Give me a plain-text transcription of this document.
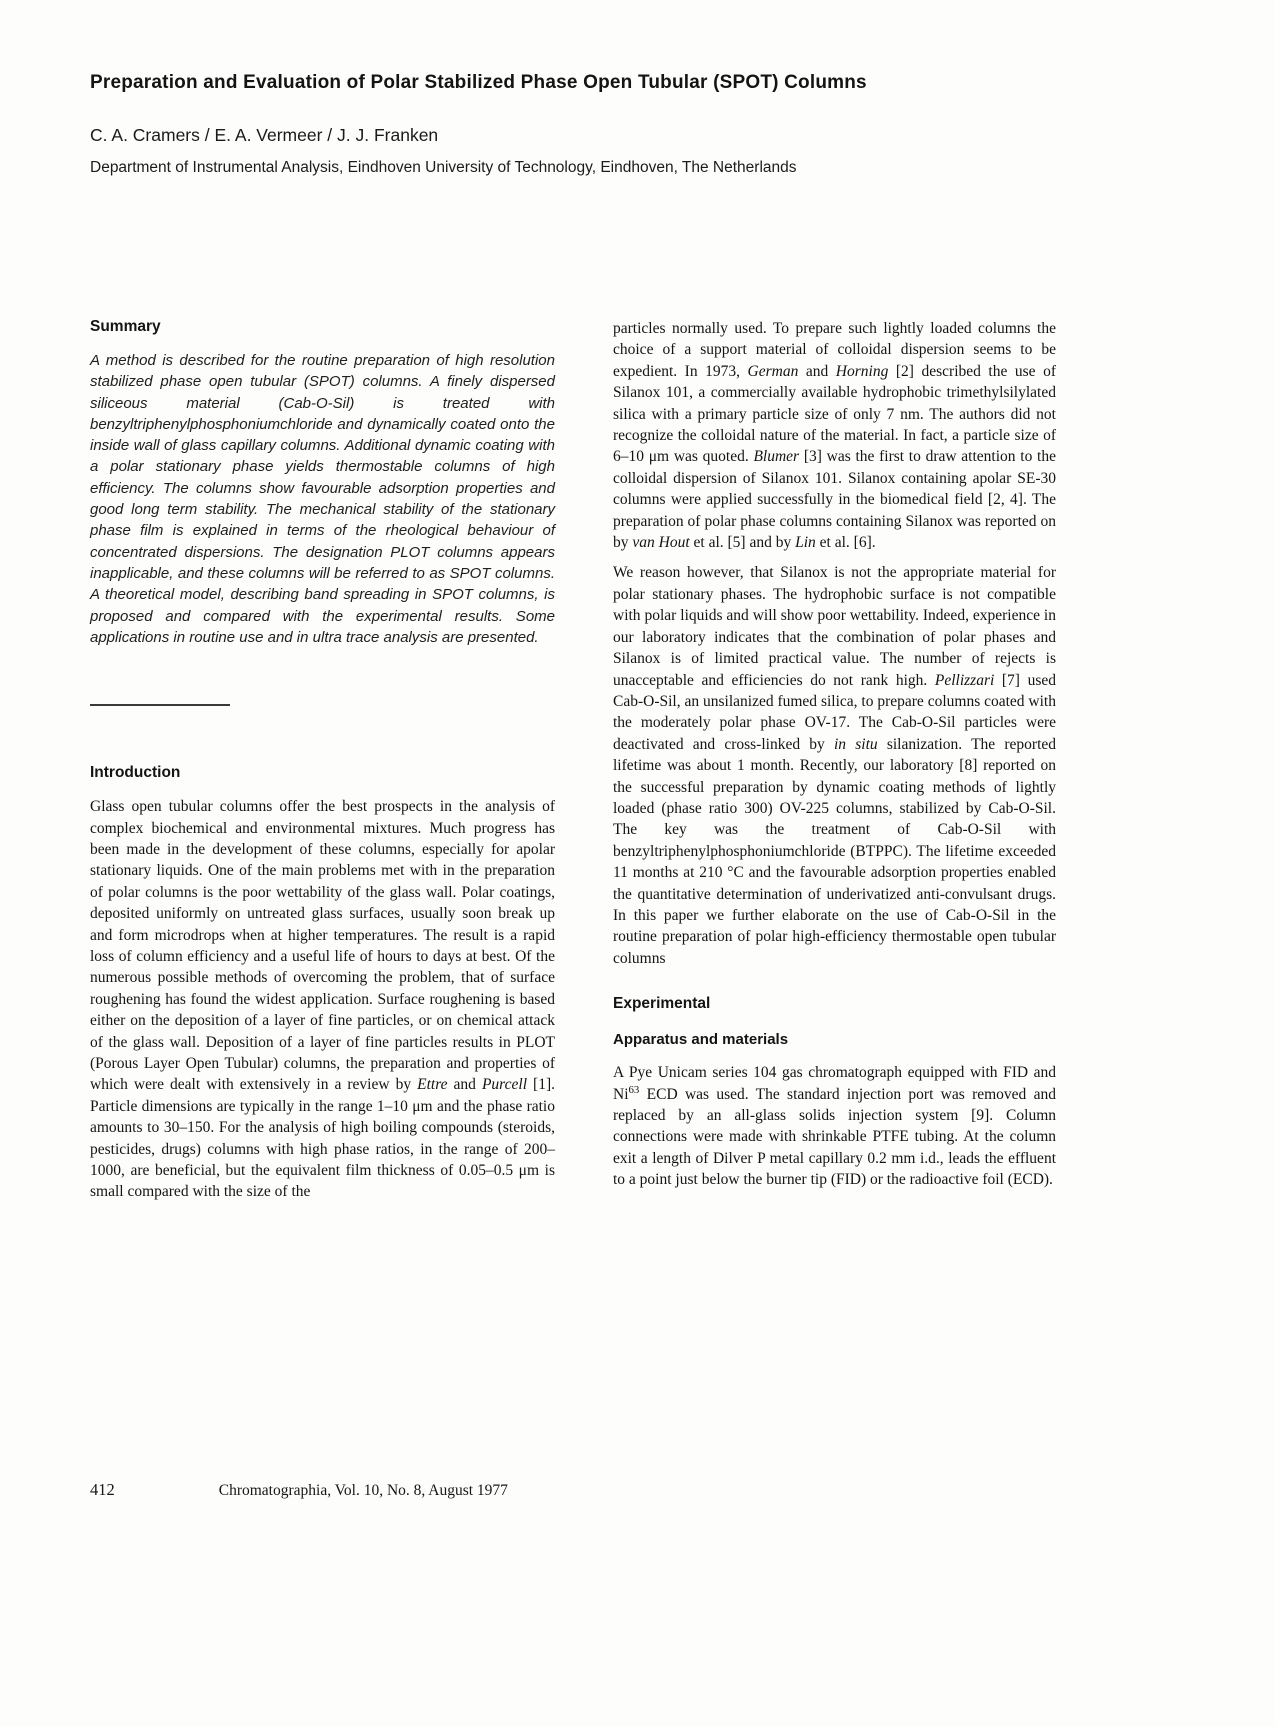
Preparation and Evaluation of Polar Stabilized Phase Open Tubular (SPOT) Columns
C. A. Cramers / E. A. Vermeer / J. J. Franken
Department of Instrumental Analysis, Eindhoven University of Technology, Eindhoven, The Netherlands
Summary

A method is described for the routine preparation of high resolution stabilized phase open tubular (SPOT) columns. A finely dispersed siliceous material (Cab-O-Sil) is treated with benzyltriphenylphosphoniumchloride and dynamically coated onto the inside wall of glass capillary columns. Additional dynamic coating with a polar stationary phase yields thermostable columns of high efficiency. The columns show favourable adsorption properties and good long term stability. The mechanical stability of the stationary phase film is explained in terms of the rheological behaviour of concentrated dispersions. The designation PLOT columns appears inapplicable, and these columns will be referred to as SPOT columns. A theoretical model, describing band spreading in SPOT columns, is proposed and compared with the experimental results. Some applications in routine use and in ultra trace analysis are presented.

Introduction

Glass open tubular columns offer the best prospects in the analysis of complex biochemical and environmental mixtures. Much progress has been made in the development of these columns, especially for apolar stationary liquids. One of the main problems met with in the preparation of polar columns is the poor wettability of the glass wall. Polar coatings, deposited uniformly on untreated glass surfaces, usually soon break up and form microdrops when at higher temperatures. The result is a rapid loss of column efficiency and a useful life of hours to days at best. Of the numerous possible methods of overcoming the problem, that of surface roughening has found the widest application. Surface roughening is based either on the deposition of a layer of fine particles, or on chemical attack of the glass wall. Deposition of a layer of fine particles results in PLOT (Porous Layer Open Tubular) columns, the preparation and properties of which were dealt with extensively in a review by Ettre and Purcell [1]. Particle dimensions are typically in the range 1–10 μm and the phase ratio amounts to 30–150. For the analysis of high boiling compounds (steroids, pesticides, drugs) columns with high phase ratios, in the range of 200–1000, are beneficial, but the equivalent film thickness of 0.05–0.5 μm is small compared with the size of the

particles normally used. To prepare such lightly loaded columns the choice of a support material of colloidal dispersion seems to be expedient. In 1973, German and Horning [2] described the use of Silanox 101, a commercially available hydrophobic trimethylsilylated silica with a primary particle size of only 7 nm. The authors did not recognize the colloidal nature of the material. In fact, a particle size of 6–10 μm was quoted. Blumer [3] was the first to draw attention to the colloidal dispersion of Silanox 101. Silanox containing apolar SE-30 columns were applied successfully in the biomedical field [2, 4]. The preparation of polar phase columns containing Silanox was reported on by van Hout et al. [5] and by Lin et al. [6].

We reason however, that Silanox is not the appropriate material for polar stationary phases. The hydrophobic surface is not compatible with polar liquids and will show poor wettability. Indeed, experience in our laboratory indicates that the combination of polar phases and Silanox is of limited practical value. The number of rejects is unacceptable and efficiencies do not rank high. Pellizzari [7] used Cab-O-Sil, an unsilanized fumed silica, to prepare columns coated with the moderately polar phase OV-17. The Cab-O-Sil particles were deactivated and cross-linked by in situ silanization. The reported lifetime was about 1 month. Recently, our laboratory [8] reported on the successful preparation by dynamic coating methods of lightly loaded (phase ratio 300) OV-225 columns, stabilized by Cab-O-Sil. The key was the treatment of Cab-O-Sil with benzyltriphenylphosphoniumchloride (BTPPC). The lifetime exceeded 11 months at 210 °C and the favourable adsorption properties enabled the quantitative determination of underivatized anti-convulsant drugs. In this paper we further elaborate on the use of Cab-O-Sil in the routine preparation of polar high-efficiency thermostable open tubular columns

Experimental
Apparatus and materials

A Pye Unicam series 104 gas chromatograph equipped with FID and Ni$^{63}$ ECD was used. The standard injection port was removed and replaced by an all-glass solids injection system [9]. Column connections were made with shrinkable PTFE tubing. At the column exit a length of Dilver P metal capillary 0.2 mm i.d., leads the effluent to a point just below the burner tip (FID) or the radioactive foil (ECD).

412	Chromatographia, Vol. 10, No. 8, August 1977
